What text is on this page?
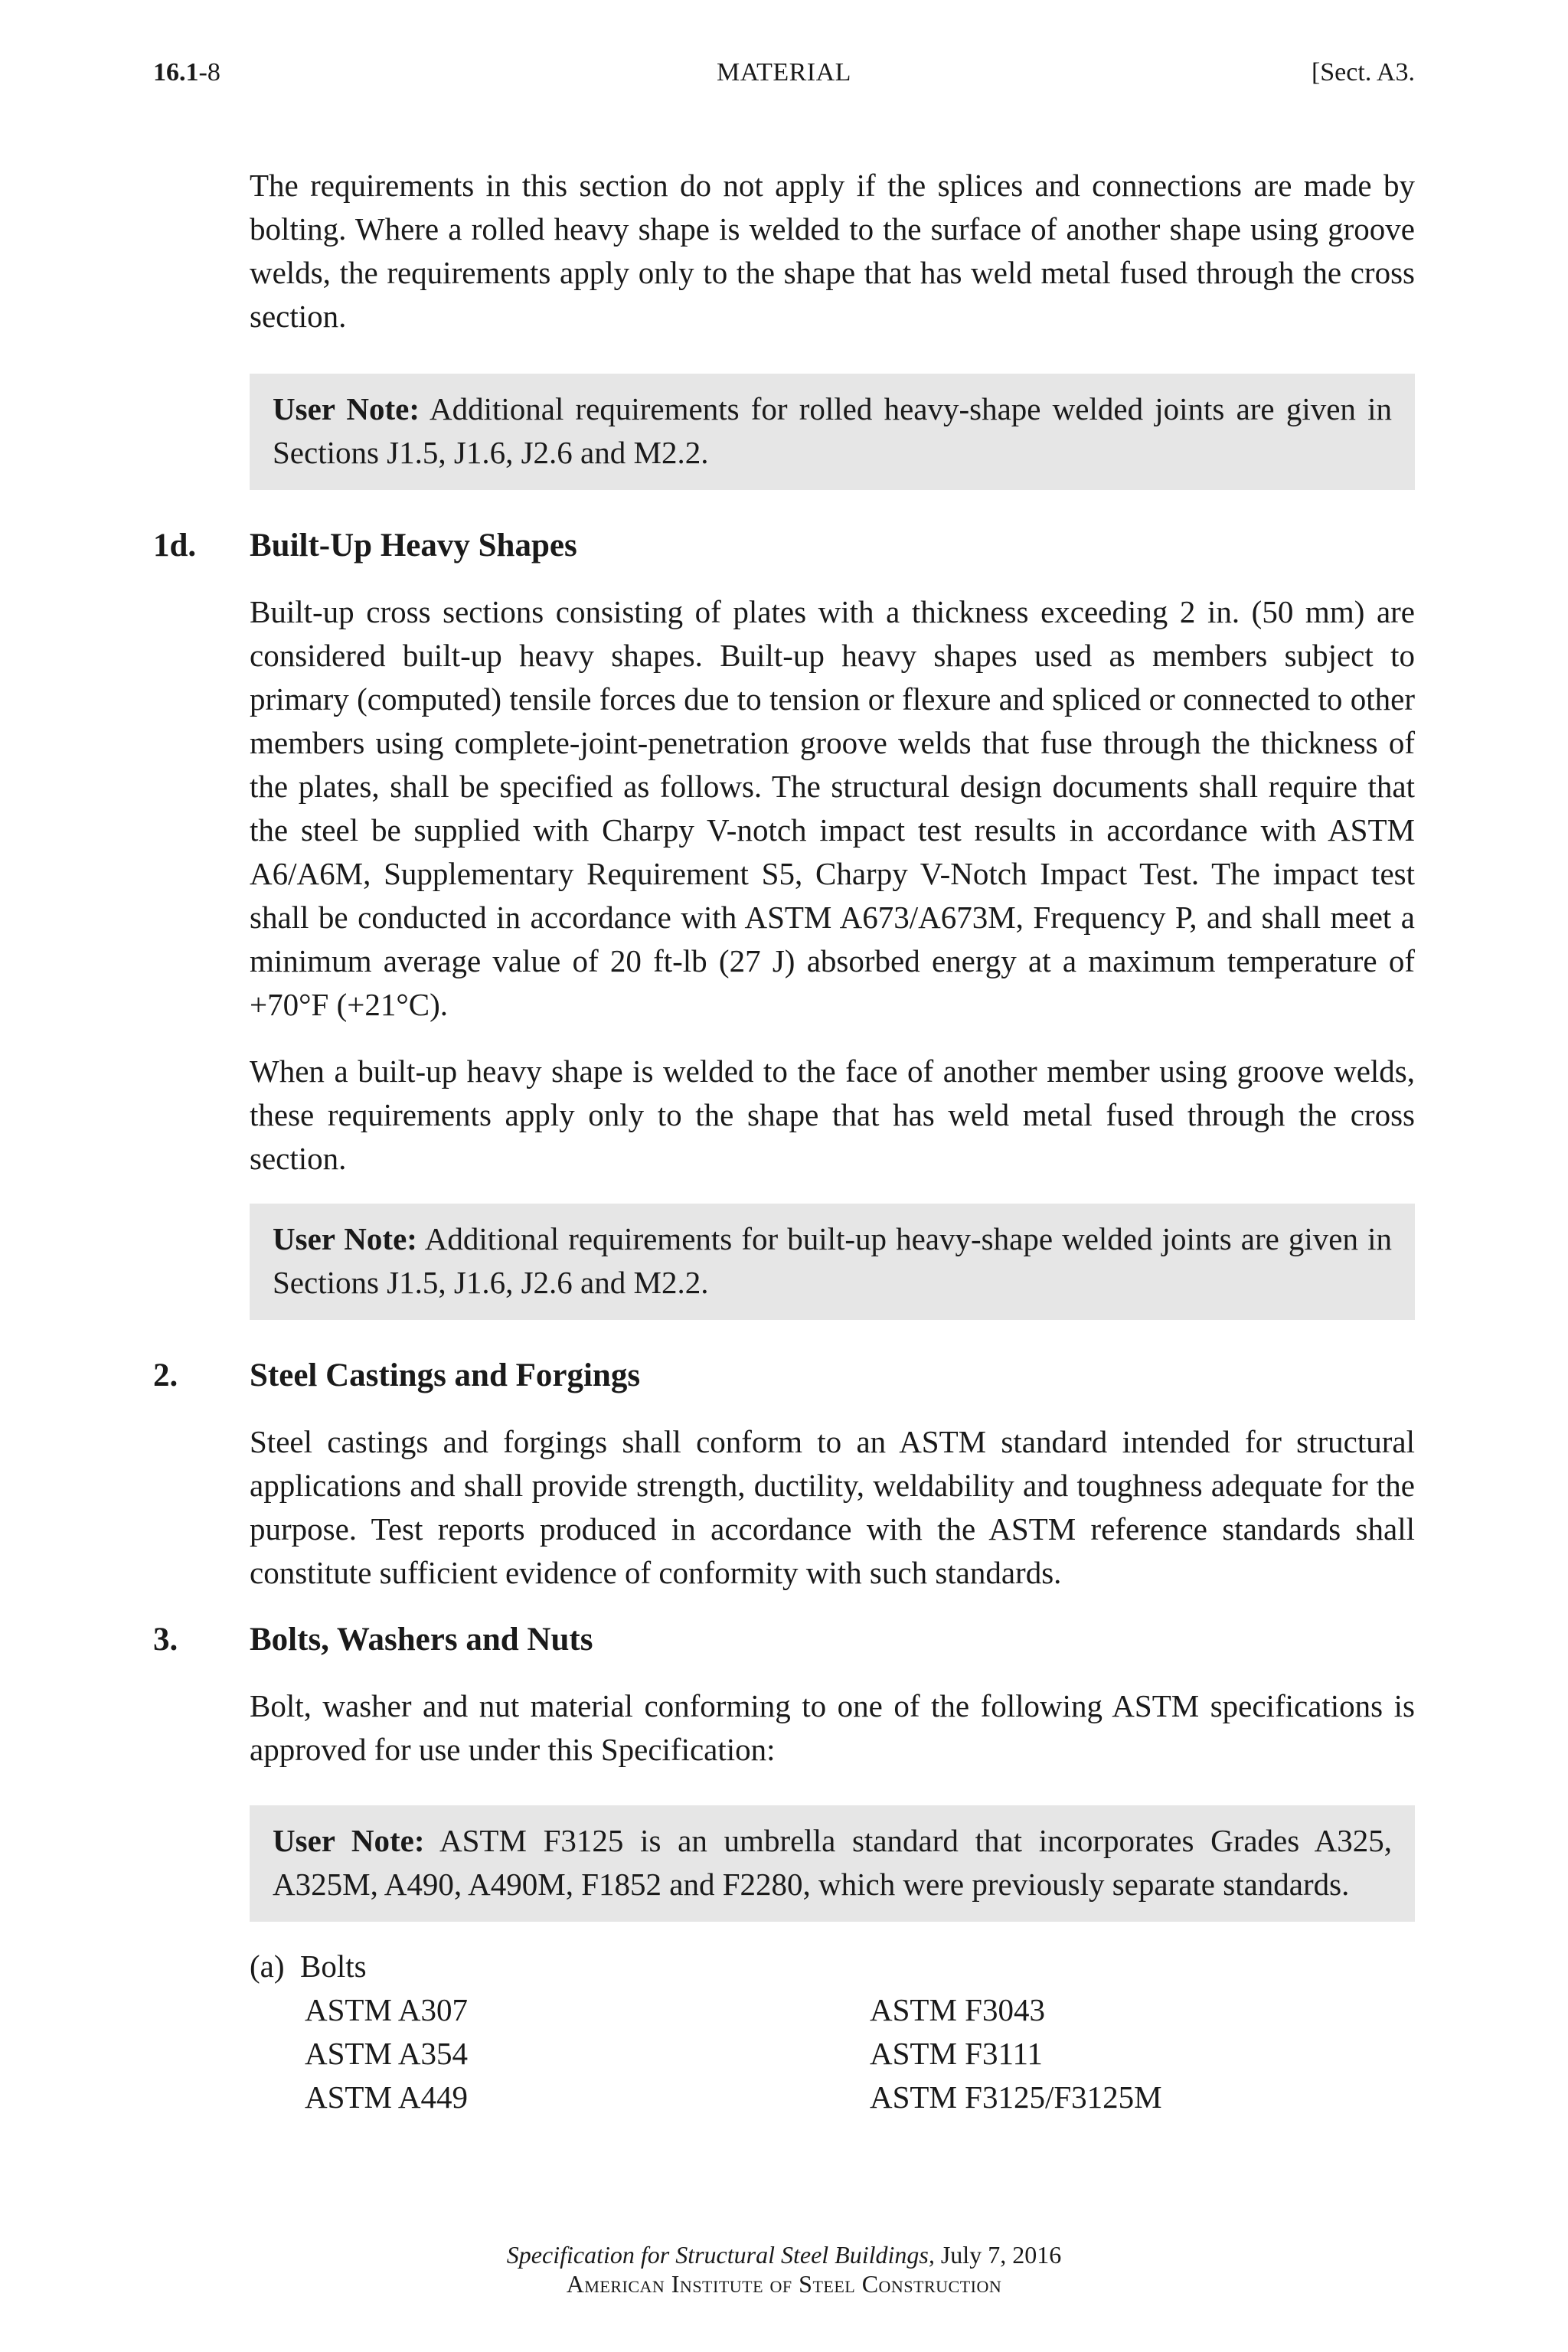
16.1-8	MATERIAL	[Sect. A3.

The requirements in this section do not apply if the splices and connections are made by bolting. Where a rolled heavy shape is welded to the surface of another shape using groove welds, the requirements apply only to the shape that has weld metal fused through the cross section.

User Note: Additional requirements for rolled heavy-shape welded joints are given in Sections J1.5, J1.6, J2.6 and M2.2.
1d. Built-Up Heavy Shapes

Built-up cross sections consisting of plates with a thickness exceeding 2 in. (50 mm) are considered built-up heavy shapes. Built-up heavy shapes used as members subject to primary (computed) tensile forces due to tension or flexure and spliced or connected to other members using complete-joint-penetration groove welds that fuse through the thickness of the plates, shall be specified as follows. The structural design documents shall require that the steel be supplied with Charpy V-notch impact test results in accordance with ASTM A6/A6M, Supplementary Requirement S5, Charpy V-Notch Impact Test. The impact test shall be conducted in accordance with ASTM A673/A673M, Frequency P, and shall meet a minimum average value of 20 ft-lb (27 J) absorbed energy at a maximum temperature of +70°F (+21°C).

When a built-up heavy shape is welded to the face of another member using groove welds, these requirements apply only to the shape that has weld metal fused through the cross section.

User Note: Additional requirements for built-up heavy-shape welded joints are given in Sections J1.5, J1.6, J2.6 and M2.2.
2. Steel Castings and Forgings

Steel castings and forgings shall conform to an ASTM standard intended for structural applications and shall provide strength, ductility, weldability and toughness adequate for the purpose. Test reports produced in accordance with the ASTM reference standards shall constitute sufficient evidence of conformity with such standards.

3. Bolts, Washers and Nuts

Bolt, washer and nut material conforming to one of the following ASTM specifications is approved for use under this Specification:

User Note: ASTM F3125 is an umbrella standard that incorporates Grades A325, A325M, A490, A490M, F1852 and F2280, which were previously separate standards.
(a) Bolts
ASTM A307
ASTM A354
ASTM A449
ASTM F3043
ASTM F3111
ASTM F3125/F3125M
Specification for Structural Steel Buildings, July 7, 2016
American Institute of Steel Construction
